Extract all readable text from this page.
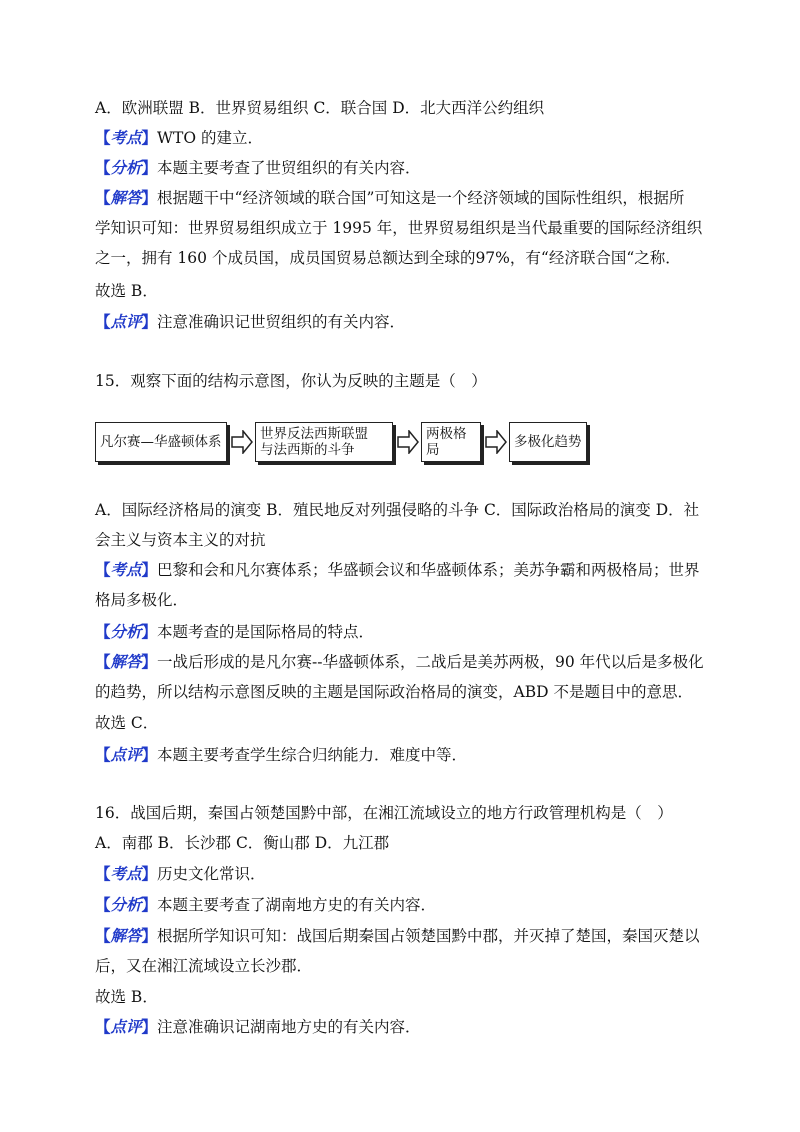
A．欧洲联盟 B．世界贸易组织 C．联合国 D．北大西洋公约组织
【考点】WTO 的建立．
【分析】本题主要考查了世贸组织的有关内容．
【解答】根据题干中“经济领域的联合国”可知这是一个经济领域的国际性组织，根据所
学知识可知：世界贸易组织成立于 1995 年，世界贸易组织是当代最重要的国际经济组织
之一，拥有 160 个成员国，成员国贸易总额达到全球的97%，有“经济联合国“之称．
故选 B．
【点评】注意准确识记世贸组织的有关内容．
15．观察下面的结构示意图，你认为反映的主题是（　）
凡尔赛—华盛顿体系	世界反法西斯联盟
与法西斯的斗争
两极格局	多极化趋势
A．国际经济格局的演变 B．殖民地反对列强侵略的斗争 C．国际政治格局的演变 D．社
会主义与资本主义的对抗
【考点】巴黎和会和凡尔赛体系；华盛顿会议和华盛顿体系；美苏争霸和两极格局；世界
格局多极化．
【分析】本题考查的是国际格局的特点．
【解答】一战后形成的是凡尔赛--华盛顿体系，二战后是美苏两极，90 年代以后是多极化
的趋势，所以结构示意图反映的主题是国际政治格局的演变，ABD 不是题目中的意思．
故选 C．
【点评】本题主要考查学生综合归纳能力．难度中等．
16．战国后期，秦国占领楚国黔中部，在湘江流域设立的地方行政管理机构是（　）
A．南郡 B．长沙郡 C．衡山郡 D．九江郡
【考点】历史文化常识．
【分析】本题主要考查了湖南地方史的有关内容．
【解答】根据所学知识可知：战国后期秦国占领楚国黔中郡，并灭掉了楚国，秦国灭楚以
后，又在湘江流域设立长沙郡．
故选 B．
【点评】注意准确识记湖南地方史的有关内容．
